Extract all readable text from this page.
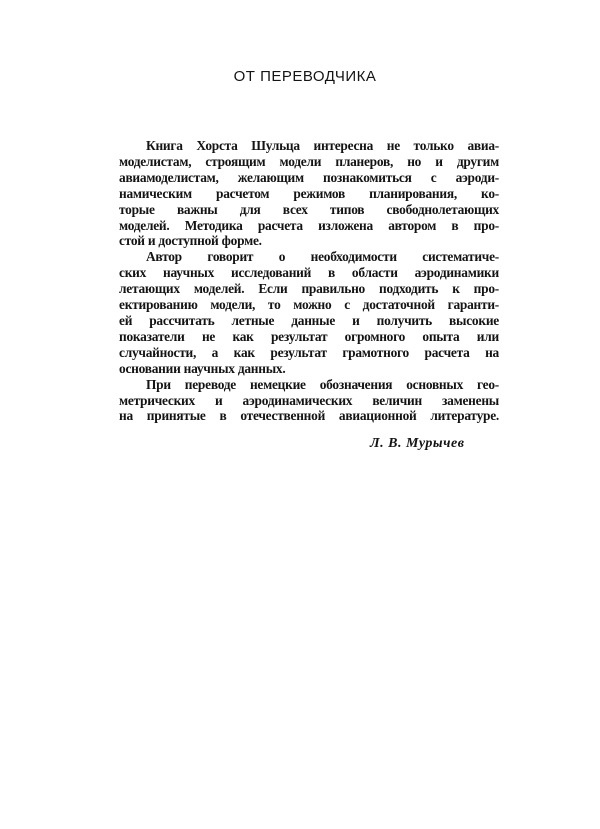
ОТ ПЕРЕВОДЧИКА
Книга Хорста Шульца интересна не только авиа-
моделистам, строящим модели планеров, но и другим
авиамоделистам, желающим познакомиться с аэроди-
намическим расчетом режимов планирования, ко-
торые важны для всех типов свободнолетающих
моделей. Методика расчета изложена автором в про-
стой и доступной форме.
Автор говорит о необходимости систематиче-
ских научных исследований в области аэродинамики
летающих моделей. Если правильно подходить к про-
ектированию модели, то можно с достаточной гаранти-
ей рассчитать летные данные и получить высокие
показатели не как результат огромного опыта или
случайности, а как результат грамотного расчета на
основании научных данных.
При переводе немецкие обозначения основных гео-
метрических и аэродинамических величин заменены
на принятые в отечественной авиационной литературе.
Л. В. Мурычев
